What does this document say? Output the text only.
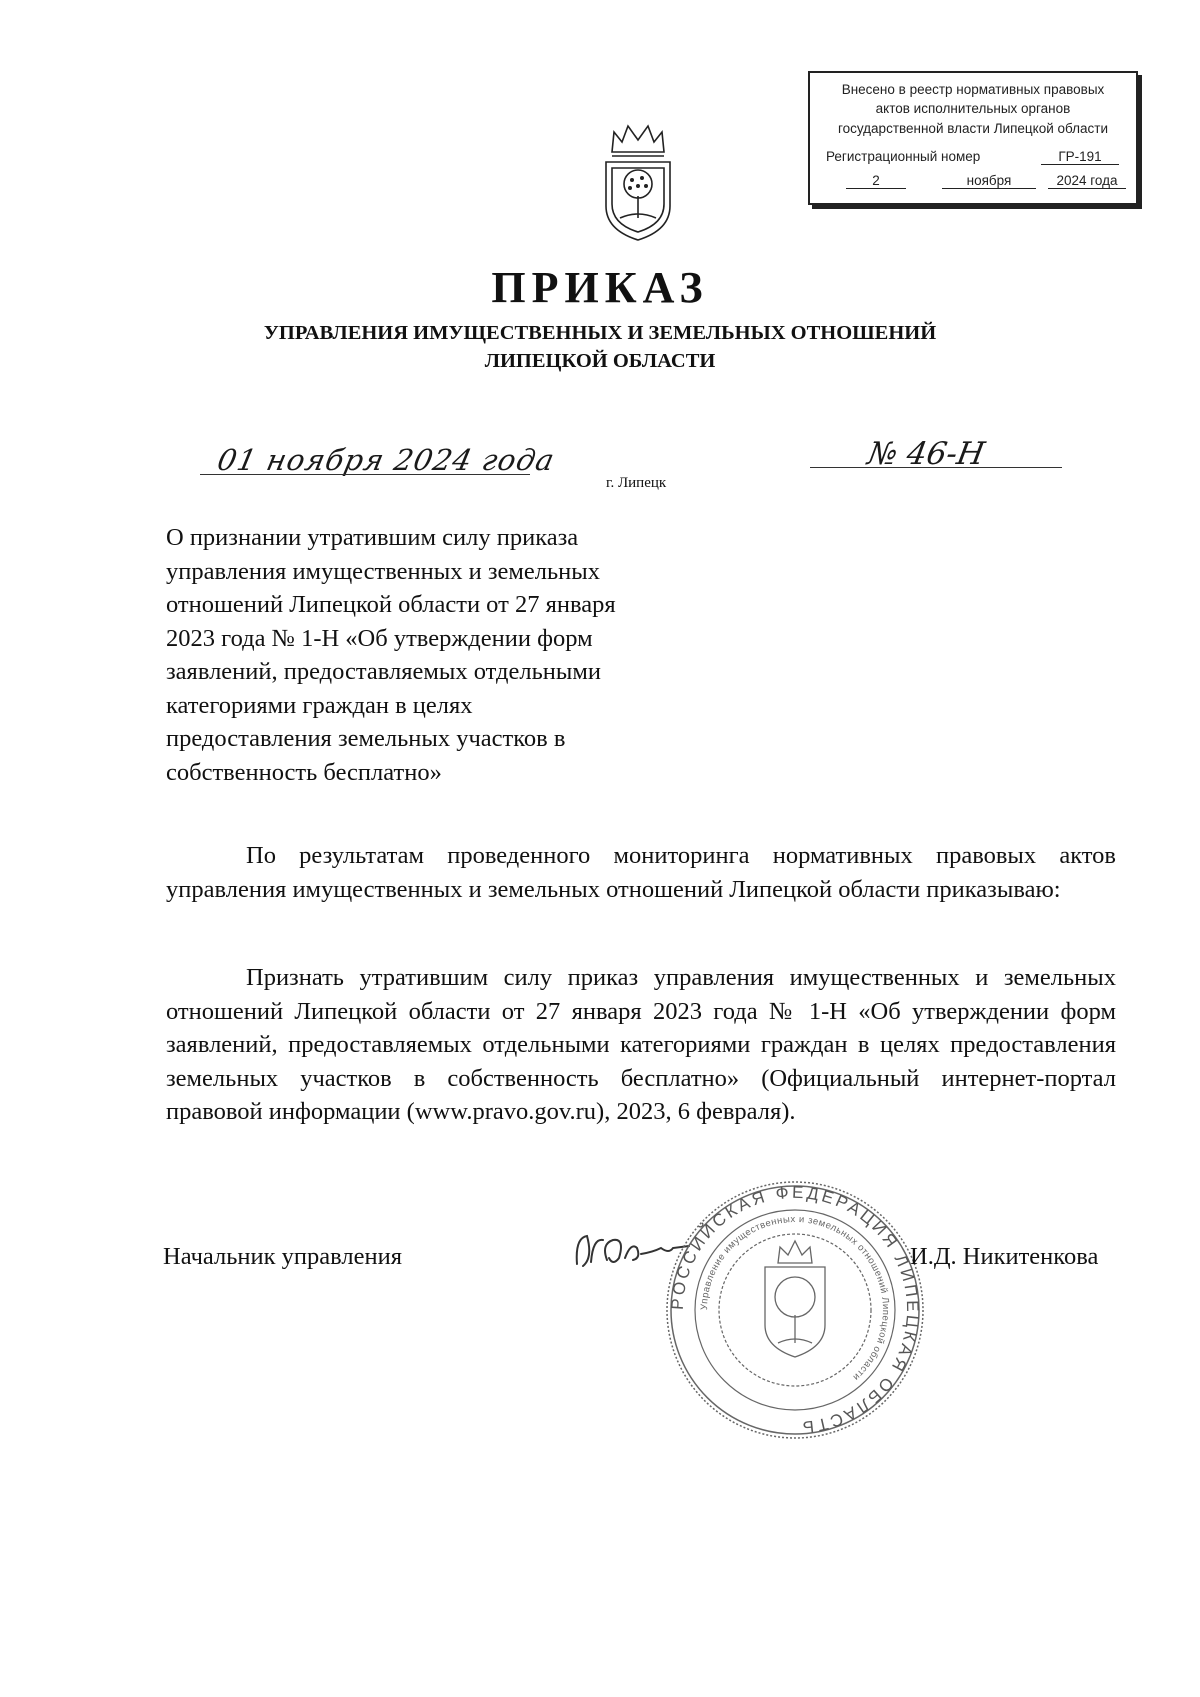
Внесено в реестр нормативных правовых
актов исполнительных органов
государственной власти Липецкой области
Регистрационный номер	ГР-191
2	ноября	2024 года
ПРИКАЗ
УПРАВЛЕНИЯ ИМУЩЕСТВЕННЫХ И ЗЕМЕЛЬНЫХ ОТНОШЕНИЙ
ЛИПЕЦКОЙ ОБЛАСТИ
01 ноября 2024 года	№ 46-Н
г. Липецк
О признании утратившим силу приказа
управления имущественных и земельных
отношений Липецкой области от 27 января
2023 года № 1-Н «Об утверждении форм
заявлений, предоставляемых отдельными
категориями граждан в целях
предоставления земельных участков в
собственность бесплатно»
По результатам проведенного мониторинга нормативных правовых актов управления имущественных и земельных отношений Липецкой области приказываю:
Признать утратившим силу приказ управления имущественных и земельных отношений Липецкой области от 27 января 2023 года № 1-Н «Об утверждении форм заявлений, предоставляемых отдельными категориями граждан в целях предоставления земельных участков в собственность бесплатно» (Официальный интернет-портал правовой информации (www.pravo.gov.ru), 2023, 6 февраля).
Начальник управления
РОССИЙСКАЯ ФЕДЕРАЦИЯ ЛИПЕЦКАЯ ОБЛАСТЬ
Управление имущественных и земельных отношений Липецкой области
И.Д. Никитенкова
